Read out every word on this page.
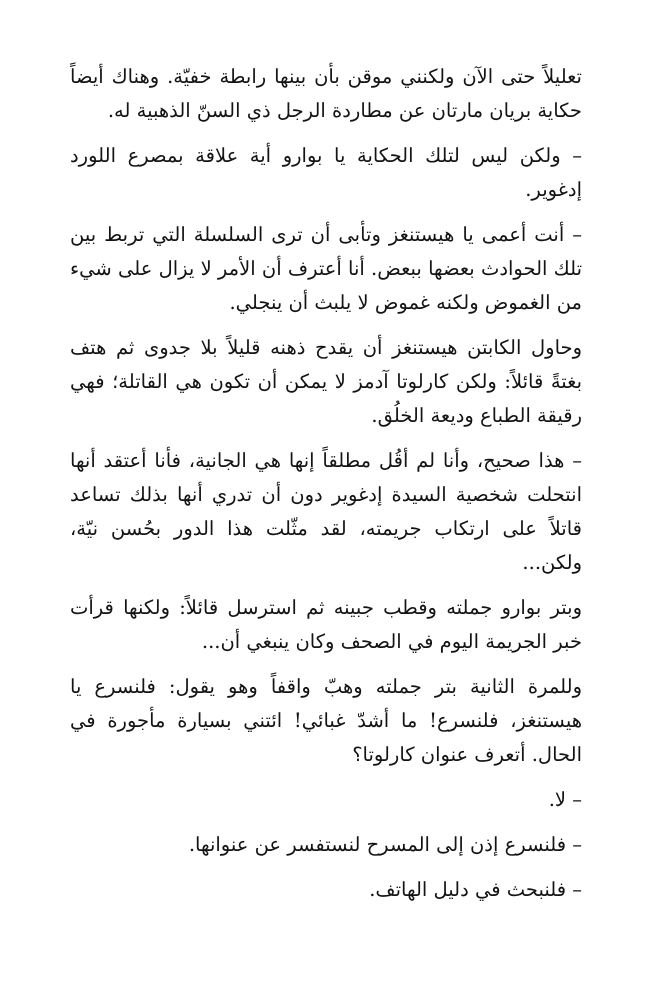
تعليلاً حتى الآن ولكنني موقن بأن بينها رابطة خفيّة. وهناك أيضاً حكاية بريان مارتان عن مطاردة الرجل ذي السنّ الذهبية له.

– ولكن ليس لتلك الحكاية يا بوارو أية علاقة بمصرع اللورد إدغوير.

– أنت أعمى يا هيستنغز وتأبى أن ترى السلسلة التي تربط بين تلك الحوادث بعضها ببعض. أنا أعترف أن الأمر لا يزال على شيء من الغموض ولكنه غموض لا يلبث أن ينجلي.

وحاول الكابتن هيستنغز أن يقدح ذهنه قليلاً بلا جدوى ثم هتف بغتةً قائلاً: ولكن كارلوتا آدمز لا يمكن أن تكون هي القاتلة؛ فهي رقيقة الطباع وديعة الخلُق.

– هذا صحيح، وأنا لم أقُل مطلقاً إنها هي الجانية، فأنا أعتقد أنها انتحلت شخصية السيدة إدغوير دون أن تدري أنها بذلك تساعد قاتلاً على ارتكاب جريمته، لقد مثّلت هذا الدور بحُسن نيّة، ولكن...

وبتر بوارو جملته وقطب جبينه ثم استرسل قائلاً: ولكنها قرأت خبر الجريمة اليوم في الصحف وكان ينبغي أن...

وللمرة الثانية بتر جملته وهبّ واقفاً وهو يقول: فلنسرع يا هيستنغز، فلنسرع! ما أشدّ غبائي! ائتني بسيارة مأجورة في الحال. أتعرف عنوان كارلوتا؟

– لا.

– فلنسرع إذن إلى المسرح لنستفسر عن عنوانها.

– فلنبحث في دليل الهاتف.
